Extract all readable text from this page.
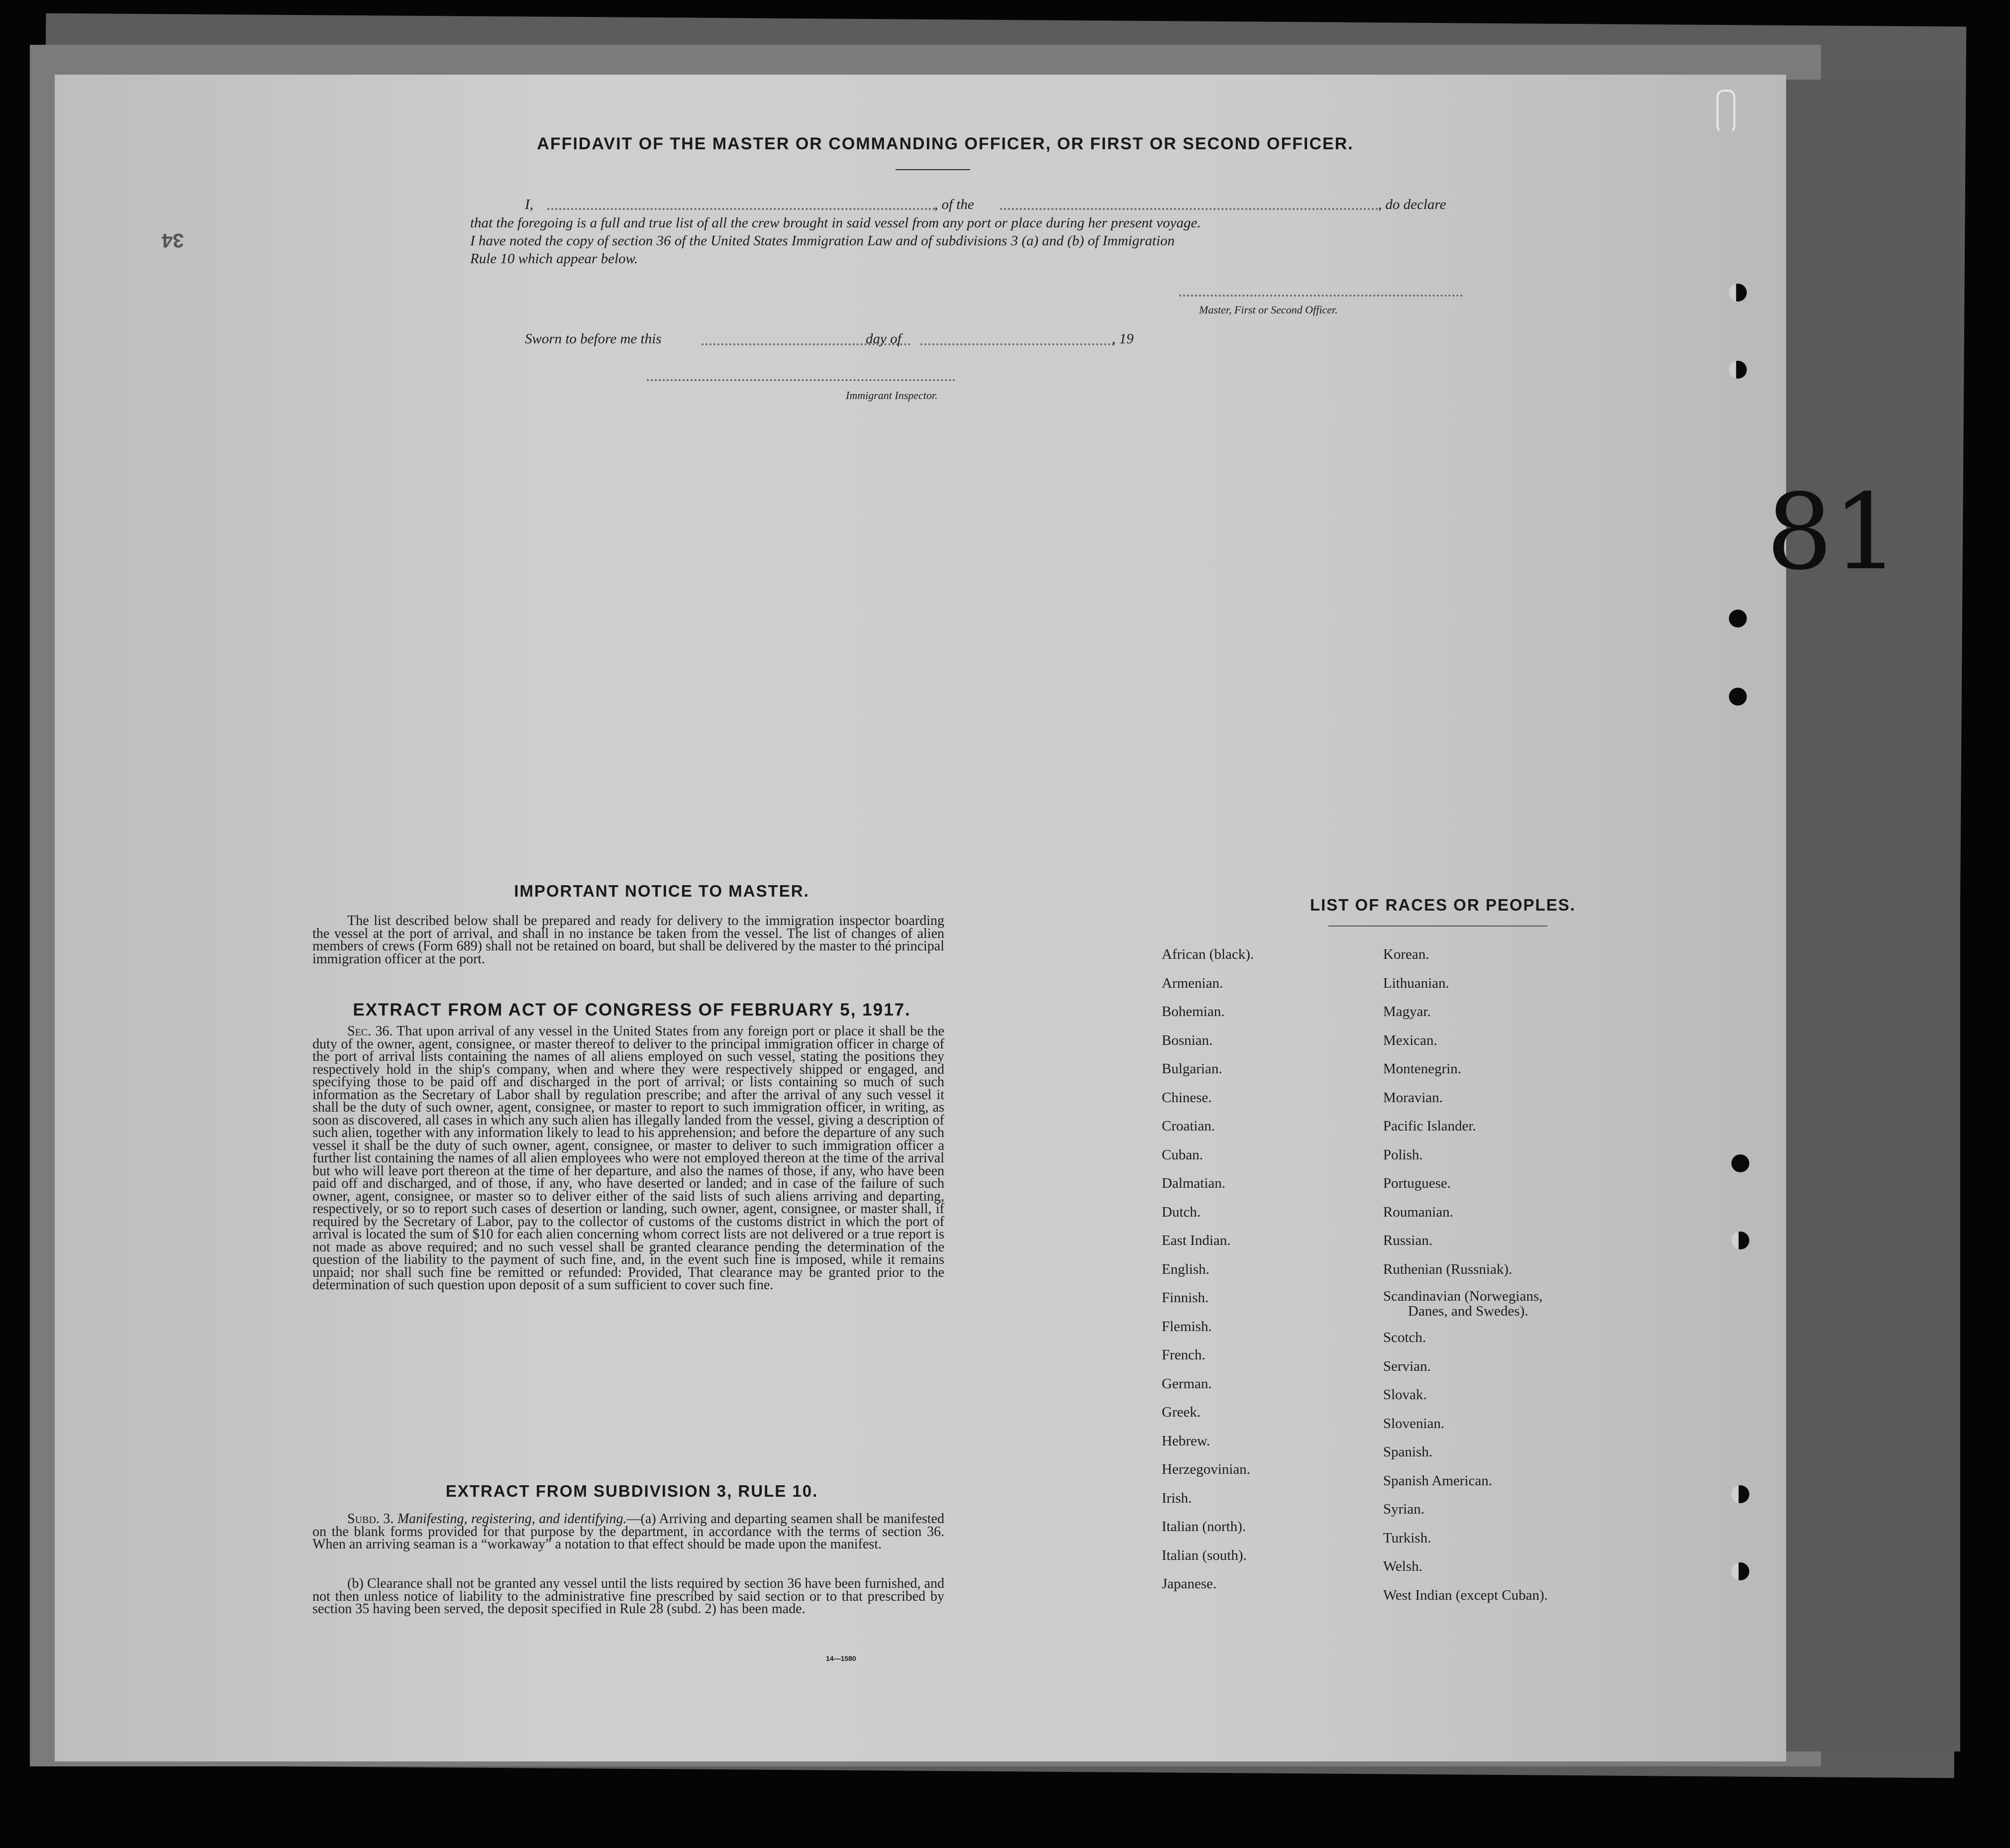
34
AFFIDAVIT OF THE MASTER OR COMMANDING OFFICER, OR FIRST OR SECOND OFFICER.
I,	, of the	, do declare
that the foregoing is a full and true list of all the crew brought in said vessel from any port or place during her present voyage.
I have noted the copy of section 36 of the United States Immigration Law and of subdivisions 3 (a) and (b) of Immigration
Rule 10 which appear below.
Master, First or Second Officer.
Sworn to before me this	day of	, 19
Immigrant Inspector.
81
IMPORTANT NOTICE TO MASTER.
The list described below shall be prepared and ready for delivery to the immigration inspector boarding the vessel at the port of arrival, and shall in no instance be taken from the vessel. The list of changes of alien members of crews (Form 689) shall not be retained on board, but shall be delivered by the master to thé principal immigration officer at the port.
EXTRACT FROM ACT OF CONGRESS OF FEBRUARY 5, 1917.
Sec. 36. That upon arrival of any vessel in the United States from any foreign port or place it shall be the duty of the owner, agent, consignee, or master thereof to deliver to the principal immigration officer in charge of the port of arrival lists containing the names of all aliens employed on such vessel, stating the positions they respectively hold in the ship's company, when and where they were respectively shipped or engaged, and specifying those to be paid off and discharged in the port of arrival; or lists containing so much of such information as the Secretary of Labor shall by regulation prescribe; and after the arrival of any such vessel it shall be the duty of such owner, agent, consignee, or master to report to such immigration officer, in writing, as soon as discovered, all cases in which any such alien has illegally landed from the vessel, giving a description of such alien, together with any information likely to lead to his apprehension; and before the departure of any such vessel it shall be the duty of such owner, agent, consignee, or master to deliver to such immigration officer a further list containing the names of all alien employees who were not employed thereon at the time of the arrival but who will leave port thereon at the time of her departure, and also the names of those, if any, who have been paid off and discharged, and of those, if any, who have deserted or landed; and in case of the failure of such owner, agent, consignee, or master so to deliver either of the said lists of such aliens arriving and departing, respectively, or so to report such cases of desertion or landing, such owner, agent, consignee, or master shall, if required by the Secretary of Labor, pay to the collector of customs of the customs district in which the port of arrival is located the sum of $10 for each alien concerning whom correct lists are not delivered or a true report is not made as above required; and no such vessel shall be granted clearance pending the determination of the question of the liability to the payment of such fine, and, in the event such fine is imposed, while it remains unpaid; nor shall such fine be remitted or refunded: Provided, That clearance may be granted prior to the determination of such question upon deposit of a sum sufficient to cover such fine.
EXTRACT FROM SUBDIVISION 3, RULE 10.
Subd. 3. Manifesting, registering, and identifying.—(a) Arriving and departing seamen shall be manifested on the blank forms provided for that purpose by the department, in accordance with the terms of section 36. When an arriving seaman is a “workaway” a notation to that effect should be made upon the manifest.
(b) Clearance shall not be granted any vessel until the lists required by section 36 have been furnished, and not then unless notice of liability to the administrative fine prescribed by said section or to that prescribed by section 35 having been served, the deposit specified in Rule 28 (subd. 2) has been made.
14—1580
LIST OF RACES OR PEOPLES.
African (black).
Armenian.
Bohemian.
Bosnian.
Bulgarian.
Chinese.
Croatian.
Cuban.
Dalmatian.
Dutch.
East Indian.
English.
Finnish.
Flemish.
French.
German.
Greek.
Hebrew.
Herzegovinian.
Irish.
Italian (north).
Italian (south).
Japanese.
Korean.
Lithuanian.
Magyar.
Mexican.
Montenegrin.
Moravian.
Pacific Islander.
Polish.
Portuguese.
Roumanian.
Russian.
Ruthenian (Russniak).
Scandinavian (Norwegians,
Danes, and Swedes).
Scotch.
Servian.
Slovak.
Slovenian.
Spanish.
Spanish American.
Syrian.
Turkish.
Welsh.
West Indian (except Cuban).
